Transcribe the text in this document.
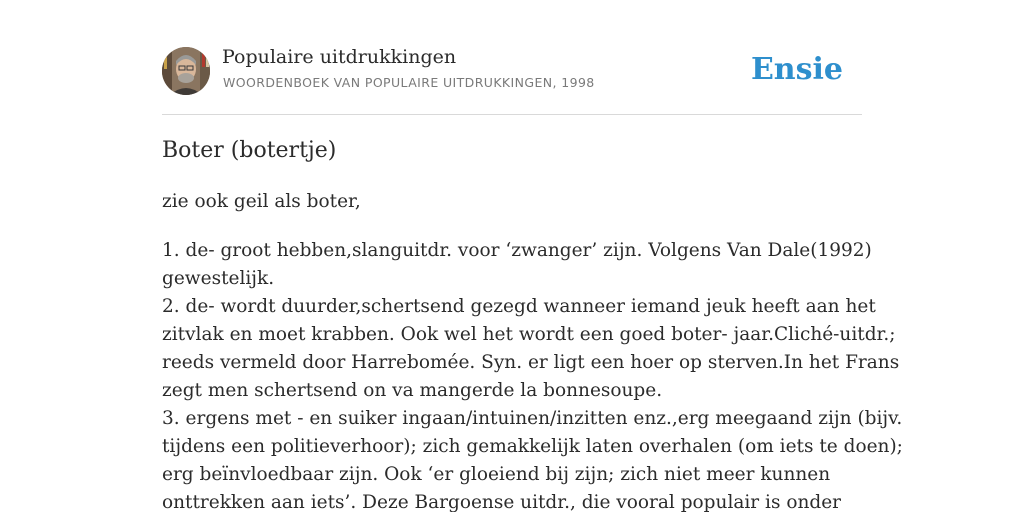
Populaire uitdrukkingen
WOORDENBOEK VAN POPULAIRE UITDRUKKINGEN, 1998	Ensie
Boter (botertje)

zie ook geil als boter,

1. de- groot hebben,slanguitdr. voor ‘zwanger’ zijn. Volgens Van Dale(1992)
gewestelijk.
2. de- wordt duurder,schertsend gezegd wanneer iemand jeuk heeft aan het
zitvlak en moet krabben. Ook wel het wordt een goed boter- jaar.Cliché-uitdr.;
reeds vermeld door Harrebomée. Syn. er ligt een hoer op sterven.In het Frans
zegt men schertsend on va mangerde la bonnesoupe.
3. ergens met - en suiker ingaan/intuinen/inzitten enz.,erg meegaand zijn (bijv.
tijdens een politieverhoor); zich gemakkelijk laten overhalen (om iets te doen);
erg beïnvloedbaar zijn. Ook ‘er gloeiend bij zijn; zich niet meer kunnen
onttrekken aan iets’. Deze Bargoense uitdr., die vooral populair is onder
